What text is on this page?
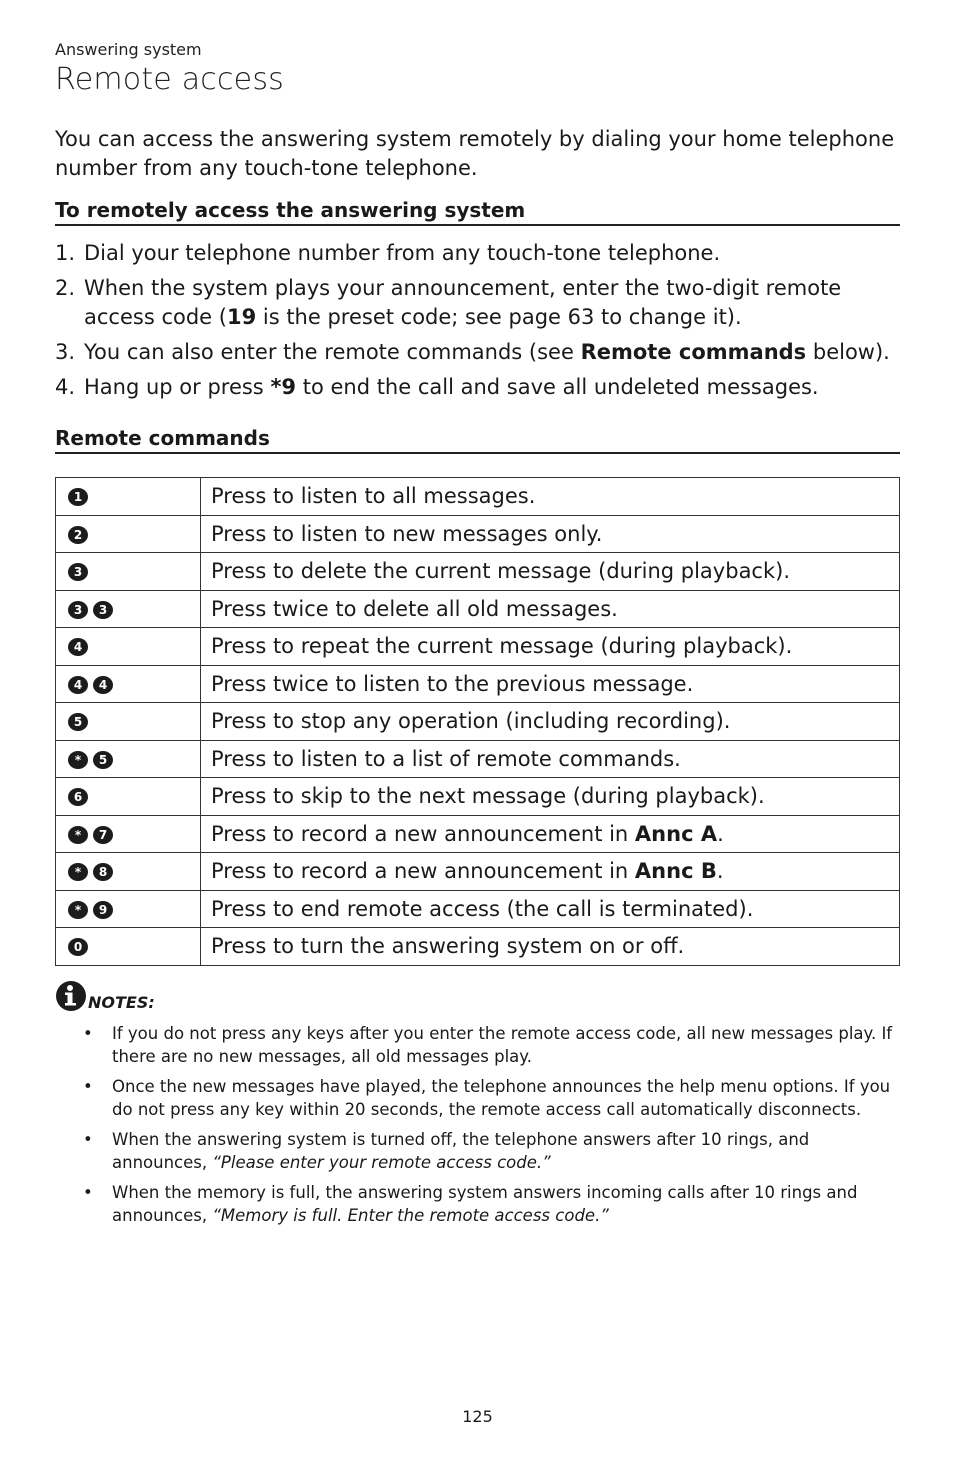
Answering system
Remote access

You can access the answering system remotely by dialing your home telephone number from any touch-tone telephone.

To remotely access the answering system
1. Dial your telephone number from any touch-tone telephone.
2. When the system plays your announcement, enter the two-digit remote access code (19 is the preset code; see page 63 to change it).
3. You can also enter the remote commands (see Remote commands below).
4. Hang up or press *9 to end the call and save all undeleted messages.
Remote commands
1	Press to listen to all messages.
2	Press to listen to new messages only.
3	Press to delete the current message (during playback).
3 3	Press twice to delete all old messages.
4	Press to repeat the current message (during playback).
4 4	Press twice to listen to the previous message.
5	Press to stop any operation (including recording).
* 5	Press to listen to a list of remote commands.
6	Press to skip to the next message (during playback).
* 7	Press to record a new announcement in Annc A.
* 8	Press to record a new announcement in Annc B.
* 9	Press to end remote access (the call is terminated).
0	Press to turn the answering system on or off.
NOTES:
• If you do not press any keys after you enter the remote access code, all new messages play. If there are no new messages, all old messages play.
• Once the new messages have played, the telephone announces the help menu options. If you do not press any key within 20 seconds, the remote access call automatically disconnects.
• When the answering system is turned off, the telephone answers after 10 rings, and announces, “Please enter your remote access code.”
• When the memory is full, the answering system answers incoming calls after 10 rings and announces, “Memory is full. Enter the remote access code.”
125
